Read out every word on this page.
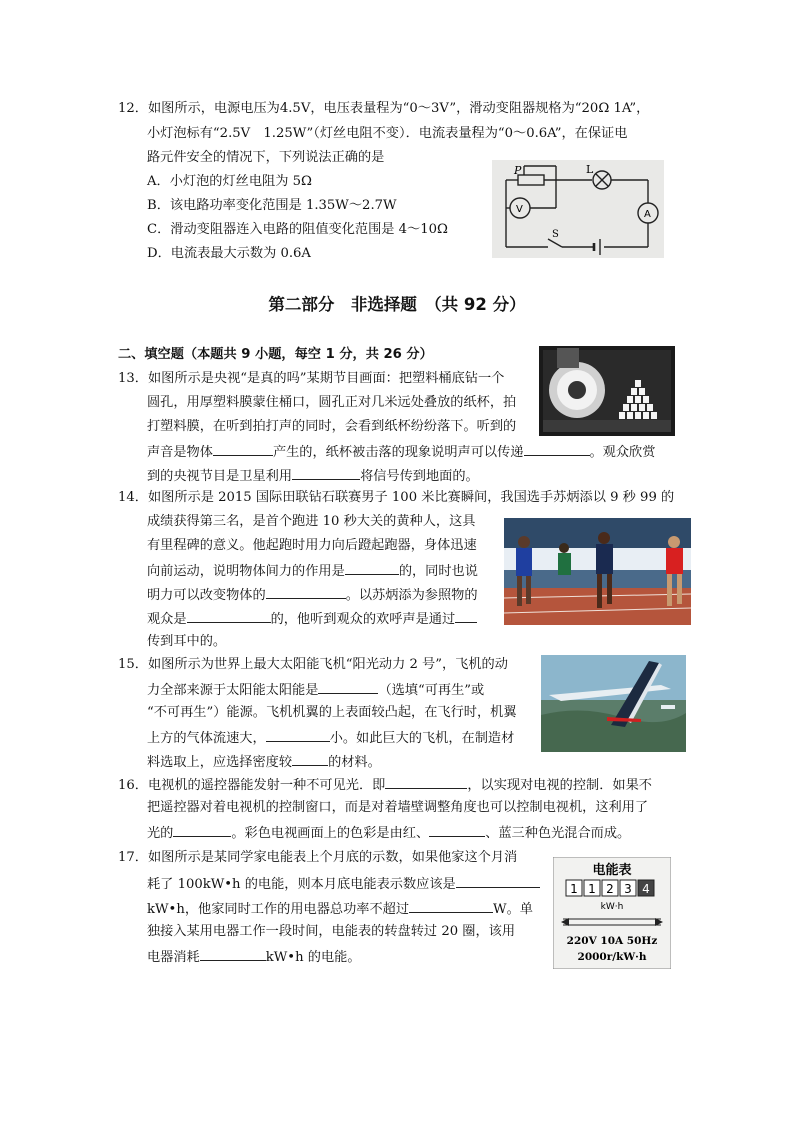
12．如图所示，电源电压为4.5V，电压表量程为“0～3V”，滑动变阻器规格为“20Ω 1A”，
小灯泡标有“2.5V　1.25W”（灯丝电阻不变）．电流表量程为“0～0.6A”，在保证电
路元件安全的情况下，下列说法正确的是
A．小灯泡的灯丝电阻为 5Ω
B．该电路功率变化范围是 1.35W～2.7W
C．滑动变阻器连入电路的阻值变化范围是 4～10Ω
D．电流表最大示数为 0.6A
P	L
V	A
S
第二部分　非选择题　（共 92 分）
二、填空题（本题共 9 小题，每空 1 分，共 26 分）
13．如图所示是央视“是真的吗”某期节目画面：把塑料桶底钻一个
圆孔，用厚塑料膜蒙住桶口，圆孔正对几米远处叠放的纸杯，拍
打塑料膜，在听到拍打声的同时，会看到纸杯纷纷落下。听到的
声音是物体	产生的，纸杯被击落的现象说明声可以传递	。观众欣赏
到的央视节目是卫星利用	将信号传到地面的。
14．如图所示是 2015 国际田联钻石联赛男子 100 米比赛瞬间，我国选手苏炳添以 9 秒 99 的
成绩获得第三名，是首个跑进 10 秒大关的黄种人，这具
有里程碑的意义。他起跑时用力向后蹬起跑器，身体迅速
向前运动，说明物体间力的作用是	的，同时也说
明力可以改变物体的	。以苏炳添为参照物的
观众是	的，他听到观众的欢呼声是通过
传到耳中的。
15．如图所示为世界上最大太阳能飞机“阳光动力 2 号”，飞机的动
力全部来源于太阳能太阳能是	（选填“可再生”或
“不可再生”）能源。飞机机翼的上表面较凸起，在飞行时，机翼
上方的气体流速大，	小。如此巨大的飞机，在制造材
料选取上，应选择密度较	的材料。
16．电视机的遥控器能发射一种不可见光．即	，以实现对电视的控制．如果不
把遥控器对着电视机的控制窗口，而是对着墙壁调整角度也可以控制电视机，这利用了
光的	。彩色电视画面上的色彩是由红、	、蓝三种色光混合而成。
17．如图所示是某同学家电能表上个月底的示数，如果他家这个月消
耗了 100kW•h 的电能，则本月底电能表示数应该是
kW•h，他家同时工作的用电器总功率不超过	W。单
独接入某用电器工作一段时间，电能表的转盘转过 20 圈，该用
电器消耗	kW•h 的电能。
电能表
1 1 2 3 4
kW·h
220V 10A 50Hz
2000r/kW·h
